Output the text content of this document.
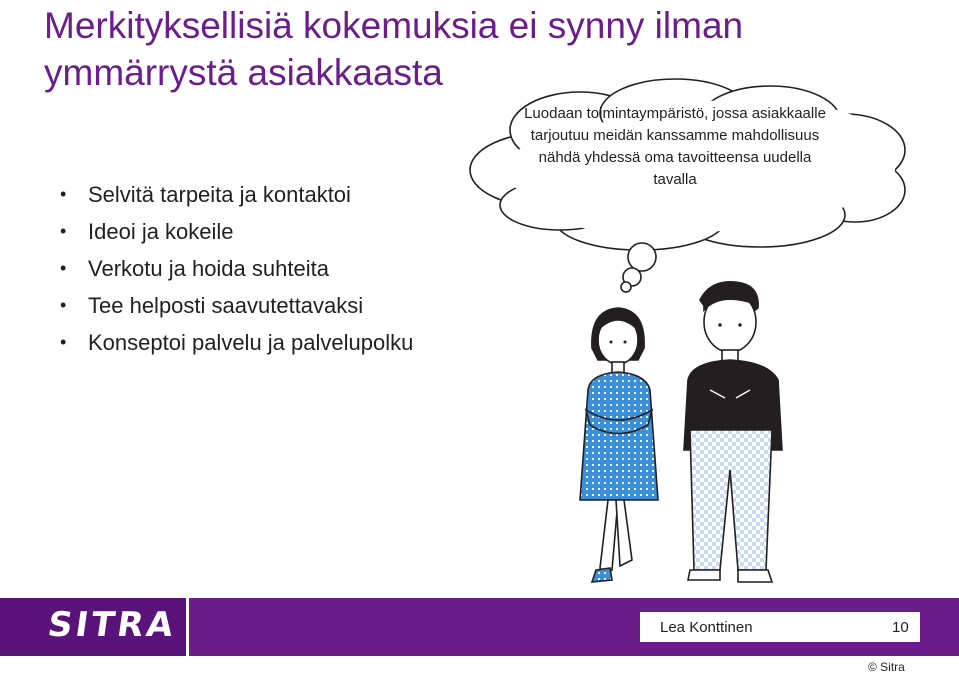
Merkityksellisiä kokemuksia ei synny ilman ymmärrystä asiakkaasta
• Selvitä tarpeita ja kontaktoi
• Ideoi ja kokeile
• Verkotu ja hoida suhteita
• Tee helposti saavutettavaksi
• Konseptoi palvelu ja palvelupolku
Luodaan toimintaympäristö, jossa asiakkaalle tarjoutuu meidän kanssamme mahdollisuus nähdä yhdessä oma tavoitteensa uudella tavalla
SITRA	Lea Konttinen	10
© Sitra
